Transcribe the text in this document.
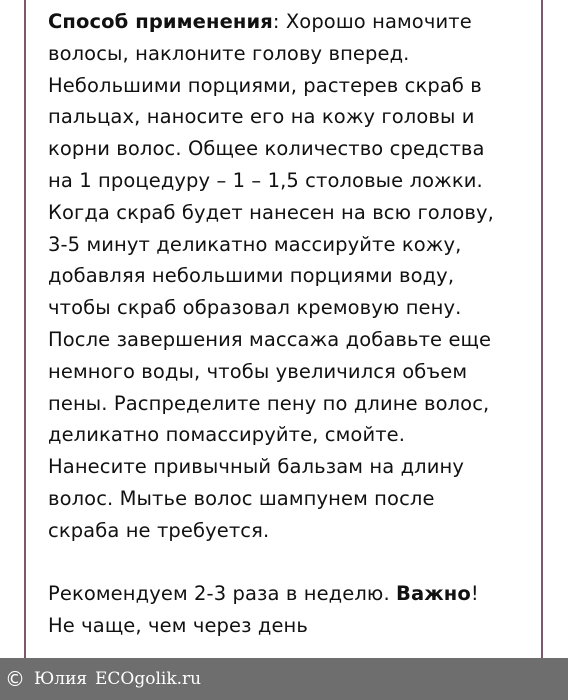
Способ применения: Хорошо намочите

волосы, наклоните голову вперед.

Небольшими порциями, растерев скраб в

пальцах, наносите его на кожу головы и

корни волос. Общее количество средства

на 1 процедуру – 1 – 1,5 столовые ложки.

Когда скраб будет нанесен на всю голову,

3-5 минут деликатно массируйте кожу,

добавляя небольшими порциями воду,

чтобы скраб образовал кремовую пену.

После завершения массажа добавьте еще

немного воды, чтобы увеличился объем

пены. Распределите пену по длине волос,

деликатно помассируйте, смойте.

Нанесите привычный бальзам на длину

волос. Мытье волос шампунем после

скраба не требуется.

Рекомендуем 2-3 раза в неделю. Важно!

Не чаще, чем через день

© Юлия ECOgolik.ru
